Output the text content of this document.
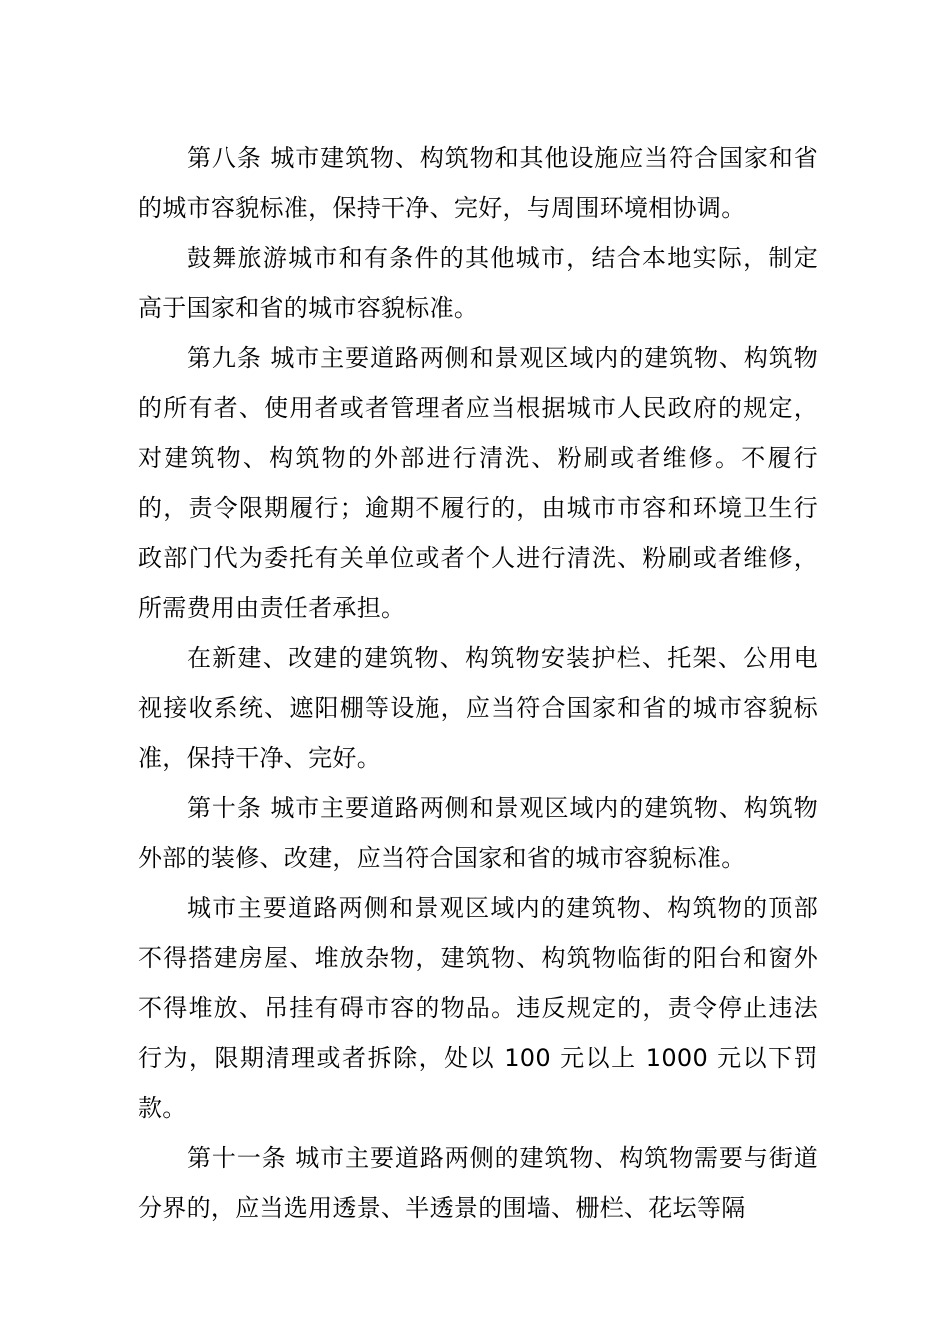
第八条 城市建筑物、构筑物和其他设施应当符合国家和省的城市容貌标准，保持干净、完好，与周围环境相协调。

鼓舞旅游城市和有条件的其他城市，结合本地实际，制定高于国家和省的城市容貌标准。

第九条 城市主要道路两侧和景观区域内的建筑物、构筑物的所有者、使用者或者管理者应当根据城市人民政府的规定，对建筑物、构筑物的外部进行清洗、粉刷或者维修。不履行的，责令限期履行；逾期不履行的，由城市市容和环境卫生行政部门代为委托有关单位或者个人进行清洗、粉刷或者维修，所需费用由责任者承担。

在新建、改建的建筑物、构筑物安装护栏、托架、公用电视接收系统、遮阳棚等设施，应当符合国家和省的城市容貌标准，保持干净、完好。

第十条 城市主要道路两侧和景观区域内的建筑物、构筑物外部的装修、改建，应当符合国家和省的城市容貌标准。

城市主要道路两侧和景观区域内的建筑物、构筑物的顶部不得搭建房屋、堆放杂物，建筑物、构筑物临街的阳台和窗外不得堆放、吊挂有碍市容的物品。违反规定的，责令停止违法行为，限期清理或者拆除，处以 100 元以上 1000 元以下罚款。

第十一条 城市主要道路两侧的建筑物、构筑物需要与街道分界的，应当选用透景、半透景的围墙、栅栏、花坛等隔
